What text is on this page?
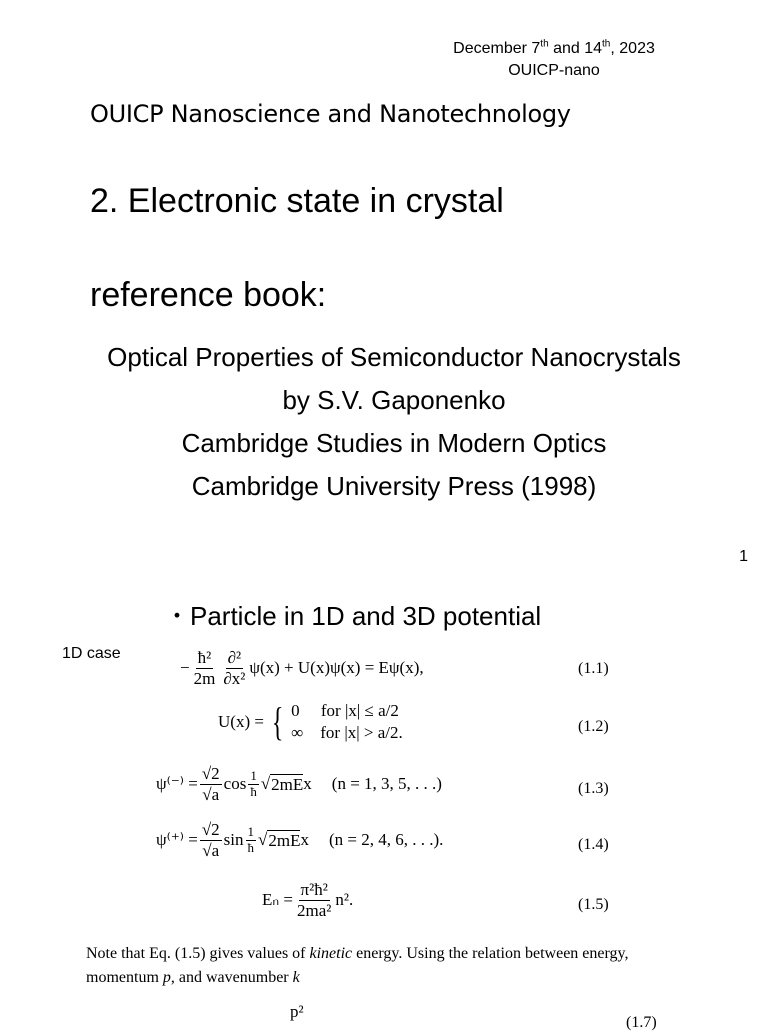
December 7th and 14th, 2023
OUICP-nano
OUICP Nanoscience and Nanotechnology
2. Electronic state in crystal
reference book:
Optical Properties of Semiconductor Nanocrystals
by S.V. Gaponenko
Cambridge Studies in Modern Optics
Cambridge University Press (1998)
1
・Particle in 1D and 3D potential
1D case
− $\frac{\text{ħ²}}{2m} \frac{\text{∂²}}{\text{∂x²}} \psi(x) + U(x)\psi(x) = E\psi(x)$,	(1.1)
U(x) = { 0     for |x| ≤ a/2
∞    for |x| > a/2.	(1.2)
$\psi^{(-)} = \frac{√2}{√a}$ $\cos \frac{1}{ħ}$ √ 2mE x (n = 1, 3, 5, . . .)	(1.3)
$\psi^{(+)} = \frac{√2}{√a}$ $\sin \frac{1}{ħ}$ √ 2mE x (n = 2, 4, 6, . . .).	(1.4)
$E_n = \frac{\text{π²ħ²}}{\text{2ma²}} n^2$.	(1.5)
Note that Eq. (1.5) gives values of kinetic energy. Using the relation between energy, momentum p, and wavenumber k
p²
(1.7)
